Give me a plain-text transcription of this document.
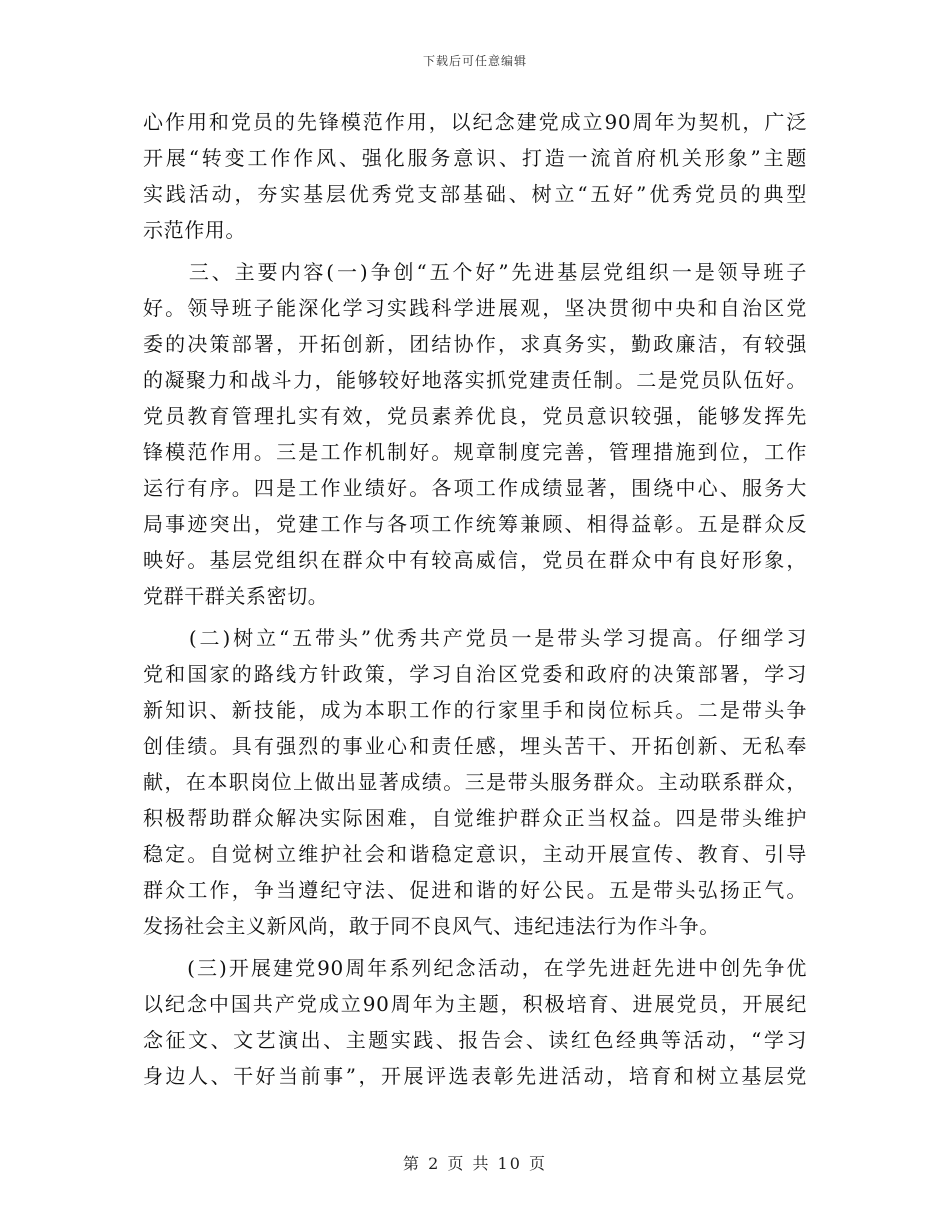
下载后可任意编辑
心作用和党员的先锋模范作用，以纪念建党成立90周年为契机，广泛
开展“转变工作作风、强化服务意识、打造一流首府机关形象”主题
实践活动，夯实基层优秀党支部基础、树立“五好”优秀党员的典型
示范作用。
　　三、主要内容(一)争创“五个好”先进基层党组织一是领导班子
好。领导班子能深化学习实践科学进展观，坚决贯彻中央和自治区党
委的决策部署，开拓创新，团结协作，求真务实，勤政廉洁，有较强
的凝聚力和战斗力，能够较好地落实抓党建责任制。二是党员队伍好。
党员教育管理扎实有效，党员素养优良，党员意识较强，能够发挥先
锋模范作用。三是工作机制好。规章制度完善，管理措施到位，工作
运行有序。四是工作业绩好。各项工作成绩显著，围绕中心、服务大
局事迹突出，党建工作与各项工作统筹兼顾、相得益彰。五是群众反
映好。基层党组织在群众中有较高威信，党员在群众中有良好形象，
党群干群关系密切。
　　(二)树立“五带头”优秀共产党员一是带头学习提高。仔细学习
党和国家的路线方针政策，学习自治区党委和政府的决策部署，学习
新知识、新技能，成为本职工作的行家里手和岗位标兵。二是带头争
创佳绩。具有强烈的事业心和责任感，埋头苦干、开拓创新、无私奉
献，在本职岗位上做出显著成绩。三是带头服务群众。主动联系群众，
积极帮助群众解决实际困难，自觉维护群众正当权益。四是带头维护
稳定。自觉树立维护社会和谐稳定意识，主动开展宣传、教育、引导
群众工作，争当遵纪守法、促进和谐的好公民。五是带头弘扬正气。
发扬社会主义新风尚，敢于同不良风气、违纪违法行为作斗争。
　　(三)开展建党90周年系列纪念活动，在学先进赶先进中创先争优
以纪念中国共产党成立90周年为主题，积极培育、进展党员，开展纪
念征文、文艺演出、主题实践、报告会、读红色经典等活动，“学习
身边人、干好当前事”，开展评选表彰先进活动，培育和树立基层党
第 2 页 共 10 页
